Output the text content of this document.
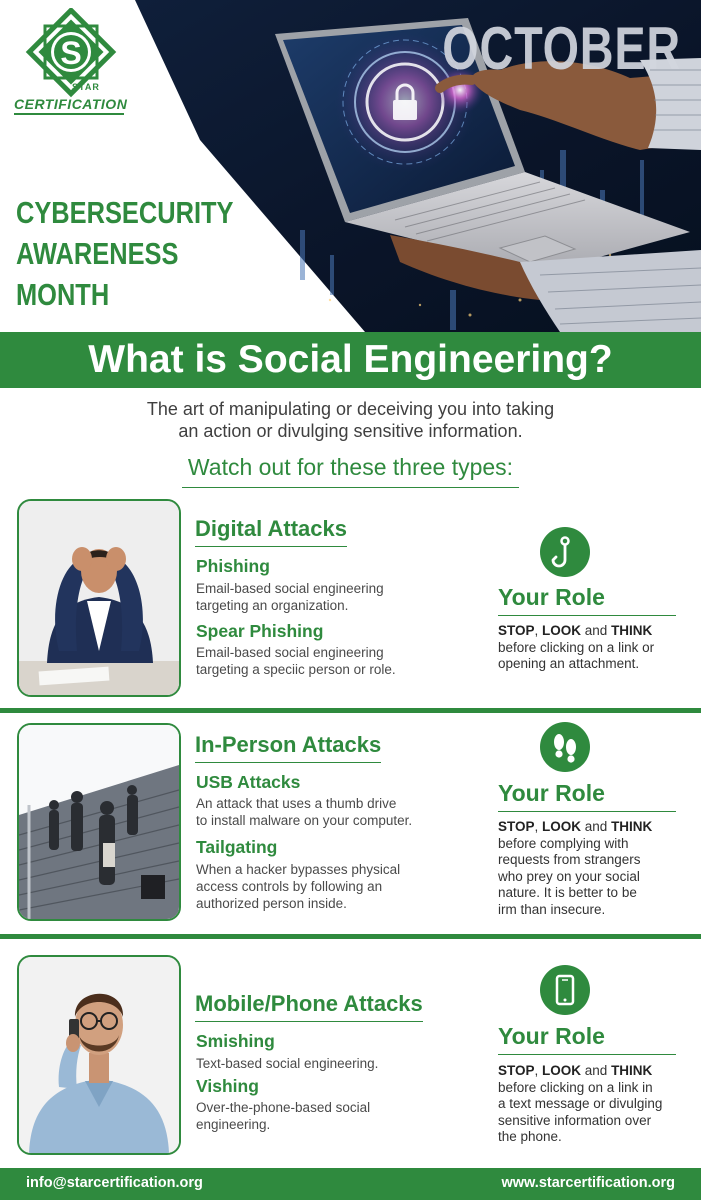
S
STAR
CERTIFICATION
OCTOBER
CYBERSECURITY
AWARENESS
MONTH
What is Social Engineering?
The art of manipulating or deceiving you into taking
an action or divulging sensitive information.
Watch out for these three types:
Digital Attacks
Phishing
Email-based social engineering
targeting an organization.
Spear Phishing
Email-based social engineering
targeting a speciic person or role.
Your Role
STOP, LOOK and THINK
before clicking on a link or
opening an attachment.
In-Person Attacks
USB Attacks
An attack that uses a thumb drive
to install malware on your computer.
Tailgating
When a hacker bypasses physical
access controls by following an
authorized person inside.
Your Role
STOP, LOOK and THINK
before complying with
requests from strangers
who prey on your social
nature. It is better to be
irm than insecure.
Mobile/Phone Attacks
Smishing
Text-based social engineering.
Vishing
Over-the-phone-based social
engineering.
Your Role
STOP, LOOK and THINK
before clicking on a link in
a text message or divulging
sensitive information over
the phone.
info@starcertification.org	www.starcertification.org
